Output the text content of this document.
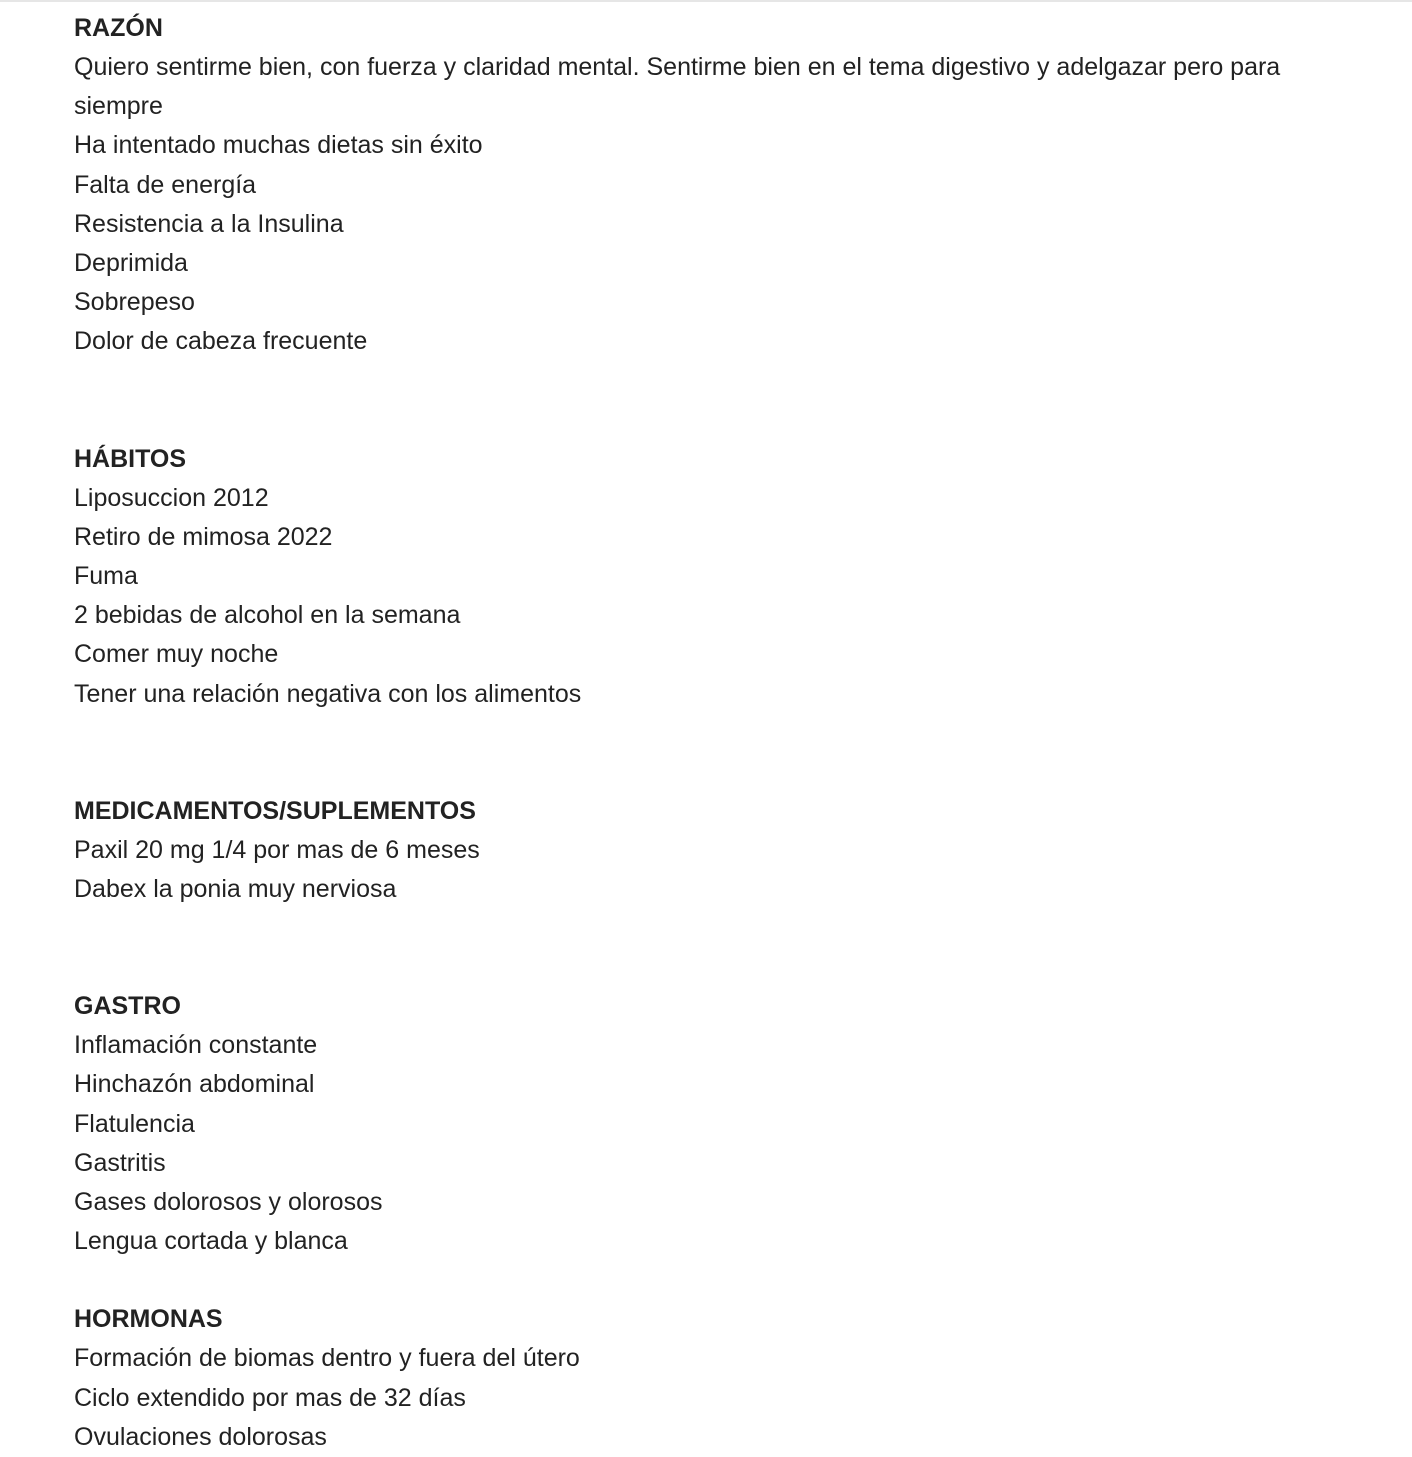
RAZÓN

Quiero sentirme bien, con fuerza y claridad mental. Sentirme bien en el tema digestivo y adelgazar pero para siempre

Ha intentado muchas dietas sin éxito

Falta de energía

Resistencia a la Insulina

Deprimida

Sobrepeso

Dolor de cabeza frecuente

HÁBITOS

Liposuccion 2012

Retiro de mimosa 2022

Fuma

2 bebidas de alcohol en la semana

Comer muy noche

Tener una relación negativa con los alimentos

MEDICAMENTOS/SUPLEMENTOS

Paxil 20 mg 1/4 por mas de 6 meses

Dabex la ponia muy nerviosa

GASTRO

Inflamación constante

Hinchazón abdominal

Flatulencia

Gastritis

Gases dolorosos y olorosos

Lengua cortada y blanca

HORMONAS

Formación de biomas dentro y fuera del útero

Ciclo extendido por mas de 32 días

Ovulaciones dolorosas
